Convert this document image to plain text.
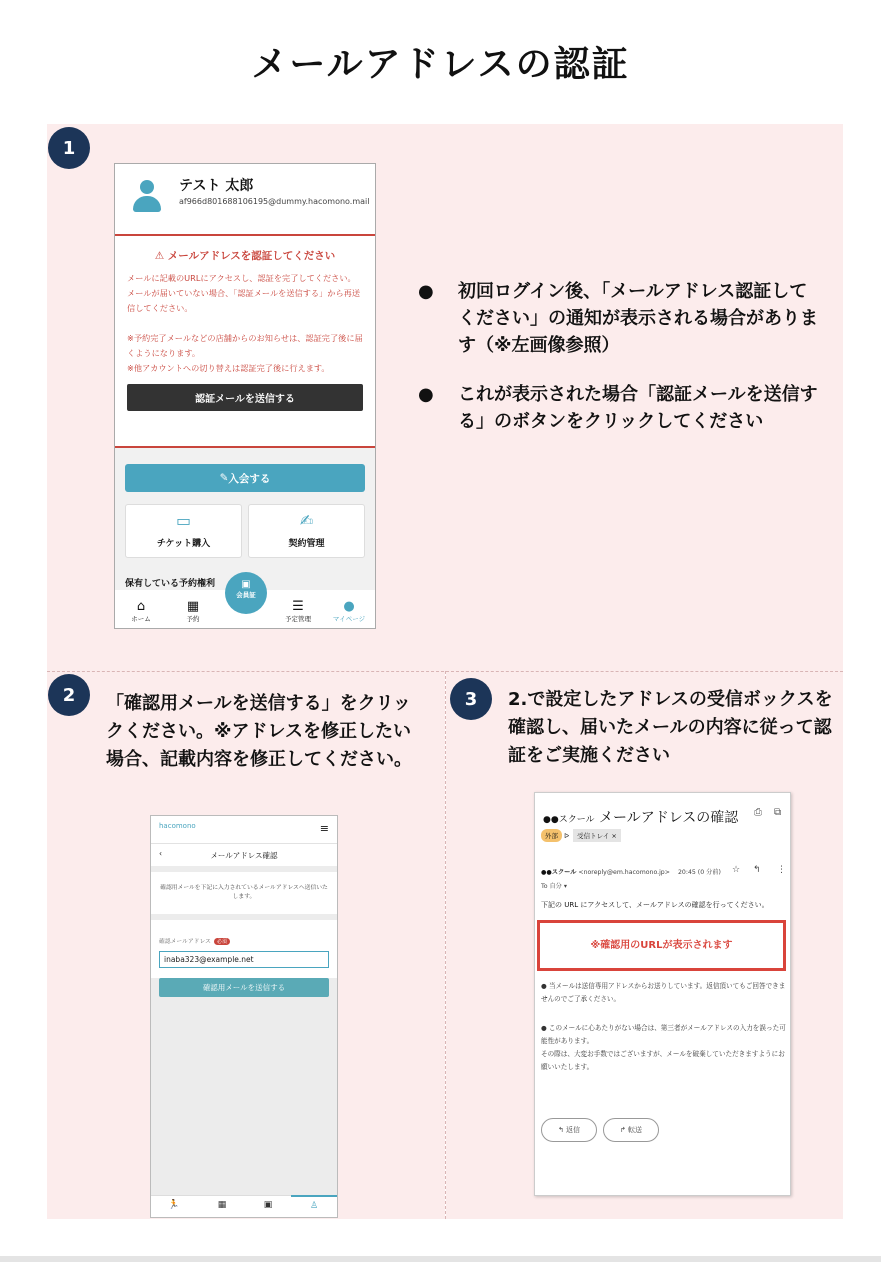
メールアドレスの認証
1
2	3
テスト 太郎
af966d801688106195@dummy.hacomono.mail
⚠ メールアドレスを認証してください
メールに記載のURLにアクセスし、認証を完了してください。メールが届いていない場合、「認証メールを送信する」から再送信してください。
※予約完了メールなどの店舗からのお知らせは、認証完了後に届くようになります。
※他アカウントへの切り替えは認証完了後に行えます。
認証メールを送信する
✎ 入会する
▭
チケット購入
✍
契約管理
保有している予約権利
⌂
ホーム
▦
予約
▣
会員証
☰
予定管理
●
マイページ
● 初回ログイン後、「メールアドレス認証してください」の通知が表示される場合があります（※左画像参照）
● これが表示された場合「認証メールを送信する」のボタンをクリックしてください
「確認用メールを送信する」をクリックください。※アドレスを修正したい場合、記載内容を修正してください。
2.で設定したアドレスの受信ボックスを確認し、届いたメールの内容に従って認証をご実施ください
hacomono	≡
‹	メールアドレス確認
確認用メールを下記に入力されているメールアドレスへ送信いたします。
確認メールアドレス 必須
inaba323@example.net
確認用メールを送信する
🏃	▦	▣	♙
●●スクール メールアドレスの確認 ⎙ ⧉
外部 ᐅ 受信トレイ ×
●●スクール <noreply@em.hacomono.jp> 20:45 (0 分前) ☆ ↰ ⋮
To 自分 ▾
下記の URL にアクセスして、メールアドレスの確認を行ってください。
※確認用のURLが表示されます
● 当メールは送信専用アドレスからお送りしています。返信頂いてもご回答できませんのでご了承ください。
● このメールに心あたりがない場合は、第三者がメールアドレスの入力を誤った可能性があります。
その際は、大変お手数ではございますが、メールを破棄していただきますようにお願いいたします。
↰ 返信	↱ 転送
